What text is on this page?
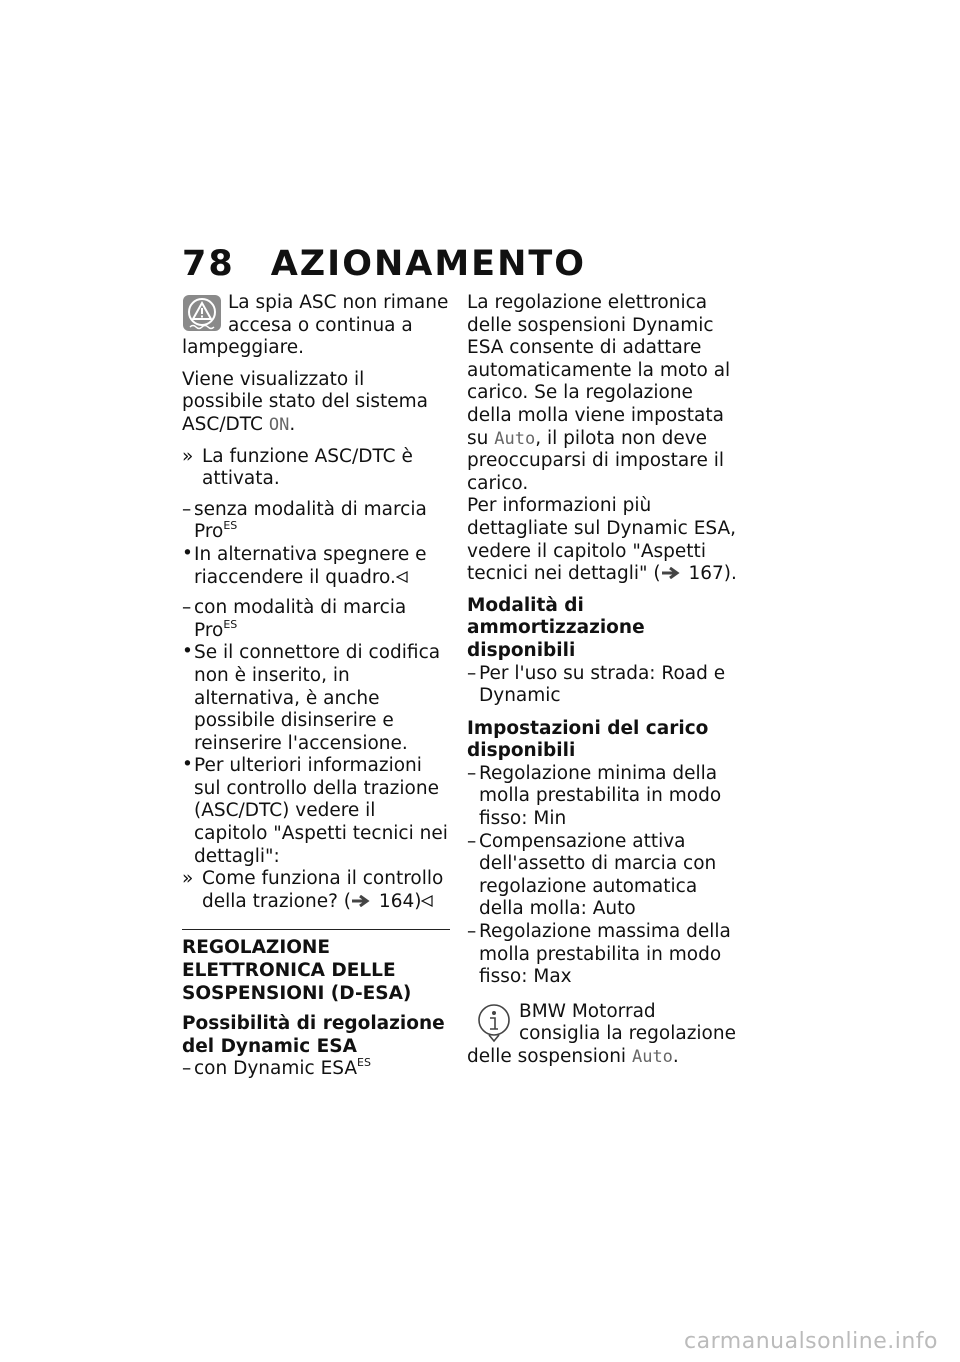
78 AZIONAMENTO

La spia ASC non rimane accesa o continua a lampeggiare.

Viene visualizzato il possibile stato del sistema ASC/DTC ON.

» La funzione ASC/DTC è attivata.
– senza modalità di marcia Pro$^{ES}$
• In alternativa spegnere e riaccendere il quadro.
– con modalità di marcia Pro$^{ES}$
• Se il connettore di codifica non è inserito, in alternativa, è anche possibile disinserire e reinserire l'accensione.
• Per ulteriori informazioni sul controllo della trazione (ASC/DTC) vedere il capitolo "Aspetti tecnici nei dettagli":
» Come funziona il controllo della trazione? ( 164)
REGOLAZIONE ELETTRONICA DELLE SOSPENSIONI (D-ESA)
Possibilità di regolazione del Dynamic ESA
– con Dynamic $ESA^{ES}$

La regolazione elettronica delle sospensioni Dynamic ESA consente di adattare automaticamente la moto al carico. Se la regolazione della molla viene impostata su Auto, il pilota non deve preoccuparsi di impostare il carico.

Per informazioni più dettagliate sul Dynamic ESA, vedere il capitolo "Aspetti tecnici nei dettagli" ( 167).

Modalità di ammortizzazione disponibili
– Per l'uso su strada: Road e Dynamic
Impostazioni del carico disponibili
– Regolazione minima della molla prestabilita in modo fisso: Min
– Compensazione attiva dell'assetto di marcia con regolazione automatica della molla: Auto
– Regolazione massima della molla prestabilita in modo fisso: Max

BMW Motorrad consiglia la regolazione delle sospensioni Auto.

carmanualsonline.info
